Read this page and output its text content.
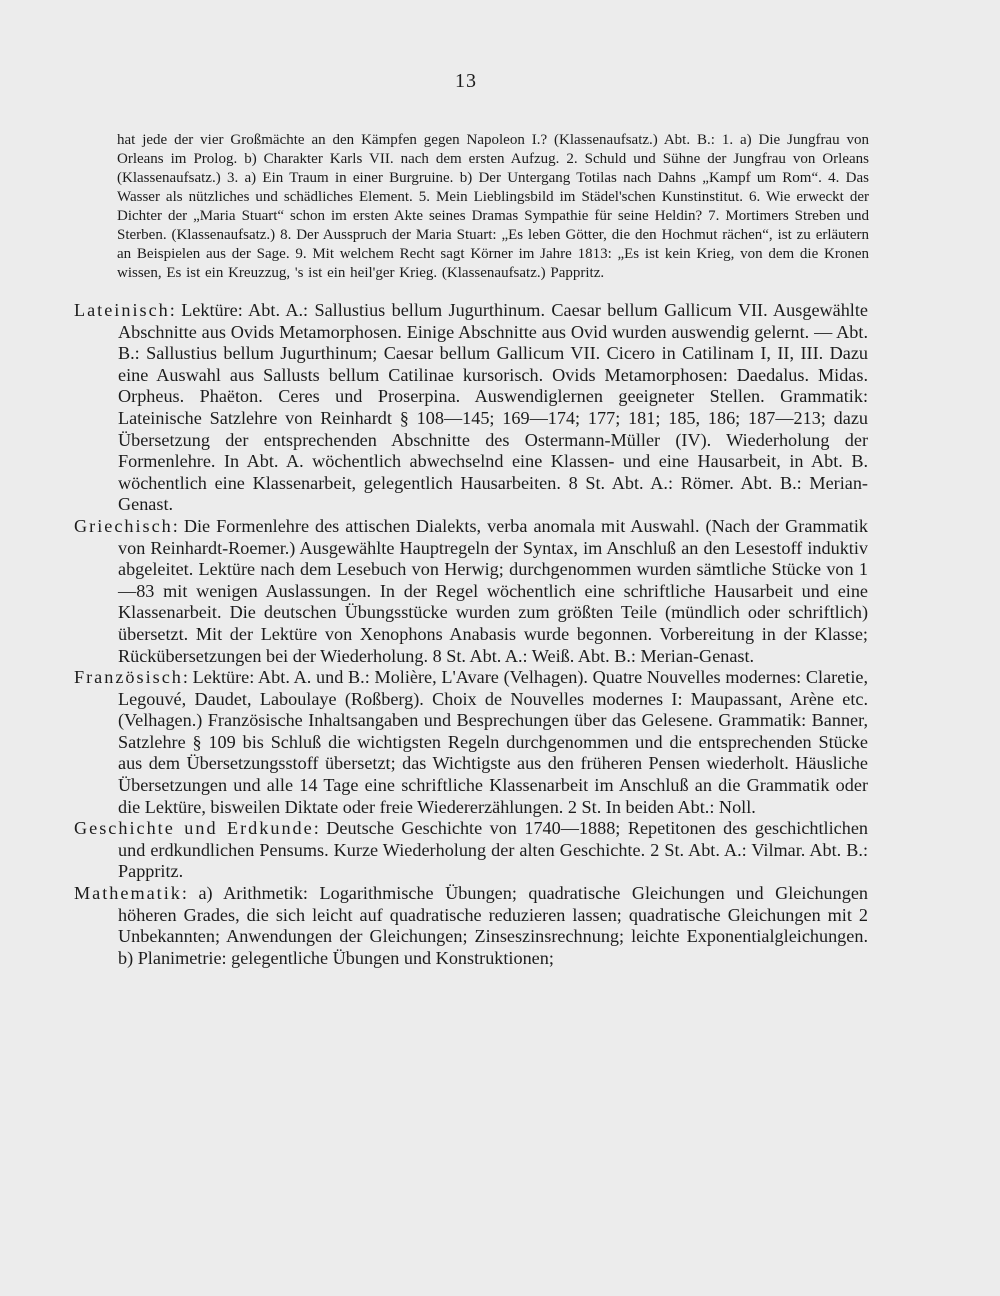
13

hat jede der vier Großmächte an den Kämpfen gegen Napoleon I.? (Klassenaufsatz.) Abt. B.: 1. a) Die Jungfrau von Orleans im Prolog. b) Charakter Karls VII. nach dem ersten Aufzug. 2. Schuld und Sühne der Jungfrau von Orleans (Klassenaufsatz.) 3. a) Ein Traum in einer Burgruine. b) Der Untergang Totilas nach Dahns „Kampf um Rom“. 4. Das Wasser als nützliches und schädliches Element. 5. Mein Lieblingsbild im Städel'schen Kunstinstitut. 6. Wie erweckt der Dichter der „Maria Stuart“ schon im ersten Akte seines Dramas Sympathie für seine Heldin? 7. Mortimers Streben und Sterben. (Klassenaufsatz.) 8. Der Ausspruch der Maria Stuart: „Es leben Götter, die den Hochmut rächen“, ist zu erläutern an Beispielen aus der Sage. 9. Mit welchem Recht sagt Körner im Jahre 1813: „Es ist kein Krieg, von dem die Kronen wissen, Es ist ein Kreuzzug, 's ist ein heil'ger Krieg. (Klassenaufsatz.) Pappritz.

Lateinisch: Lektüre: Abt. A.: Sallustius bellum Jugurthinum. Caesar bellum Gallicum VII. Ausgewählte Abschnitte aus Ovids Metamorphosen. Einige Abschnitte aus Ovid wurden auswendig gelernt. — Abt. B.: Sallustius bellum Jugurthinum; Caesar bellum Gallicum VII. Cicero in Catilinam I, II, III. Dazu eine Auswahl aus Sallusts bellum Catilinae kursorisch. Ovids Metamorphosen: Daedalus. Midas. Orpheus. Phaëton. Ceres und Proserpina. Auswendiglernen geeigneter Stellen. Grammatik: Lateinische Satzlehre von Reinhardt § 108—145; 169—174; 177; 181; 185, 186; 187—213; dazu Übersetzung der entsprechenden Abschnitte des Ostermann-Müller (IV). Wiederholung der Formenlehre. In Abt. A. wöchentlich abwechselnd eine Klassen- und eine Hausarbeit, in Abt. B. wöchentlich eine Klassenarbeit, gelegentlich Hausarbeiten. 8 St. Abt. A.: Römer. Abt. B.: Merian-Genast.

Griechisch: Die Formenlehre des attischen Dialekts, verba anomala mit Auswahl. (Nach der Grammatik von Reinhardt-Roemer.) Ausgewählte Hauptregeln der Syntax, im Anschluß an den Lesestoff induktiv abgeleitet. Lektüre nach dem Lesebuch von Herwig; durchgenommen wurden sämtliche Stücke von 1—83 mit wenigen Auslassungen. In der Regel wöchentlich eine schriftliche Hausarbeit und eine Klassenarbeit. Die deutschen Übungsstücke wurden zum größten Teile (mündlich oder schriftlich) übersetzt. Mit der Lektüre von Xenophons Anabasis wurde begonnen. Vorbereitung in der Klasse; Rückübersetzungen bei der Wiederholung. 8 St. Abt. A.: Weiß. Abt. B.: Merian-Genast.

Französisch: Lektüre: Abt. A. und B.: Molière, L'Avare (Velhagen). Quatre Nouvelles modernes: Claretie, Legouvé, Daudet, Laboulaye (Roßberg). Choix de Nouvelles modernes I: Maupassant, Arène etc. (Velhagen.) Französische Inhaltsangaben und Besprechungen über das Gelesene. Grammatik: Banner, Satzlehre § 109 bis Schluß die wichtigsten Regeln durchgenommen und die entsprechenden Stücke aus dem Übersetzungsstoff übersetzt; das Wichtigste aus den früheren Pensen wiederholt. Häusliche Übersetzungen und alle 14 Tage eine schriftliche Klassenarbeit im Anschluß an die Grammatik oder die Lektüre, bisweilen Diktate oder freie Wiedererzählungen. 2 St. In beiden Abt.: Noll.

Geschichte und Erdkunde: Deutsche Geschichte von 1740—1888; Repetitonen des geschichtlichen und erdkundlichen Pensums. Kurze Wiederholung der alten Geschichte. 2 St. Abt. A.: Vilmar. Abt. B.: Pappritz.

Mathematik: a) Arithmetik: Logarithmische Übungen; quadratische Gleichungen und Gleichungen höheren Grades, die sich leicht auf quadratische reduzieren lassen; quadratische Gleichungen mit 2 Unbekannten; Anwendungen der Gleichungen; Zinseszinsrechnung; leichte Exponentialgleichungen. b) Planimetrie: gelegentliche Übungen und Konstruktionen;
